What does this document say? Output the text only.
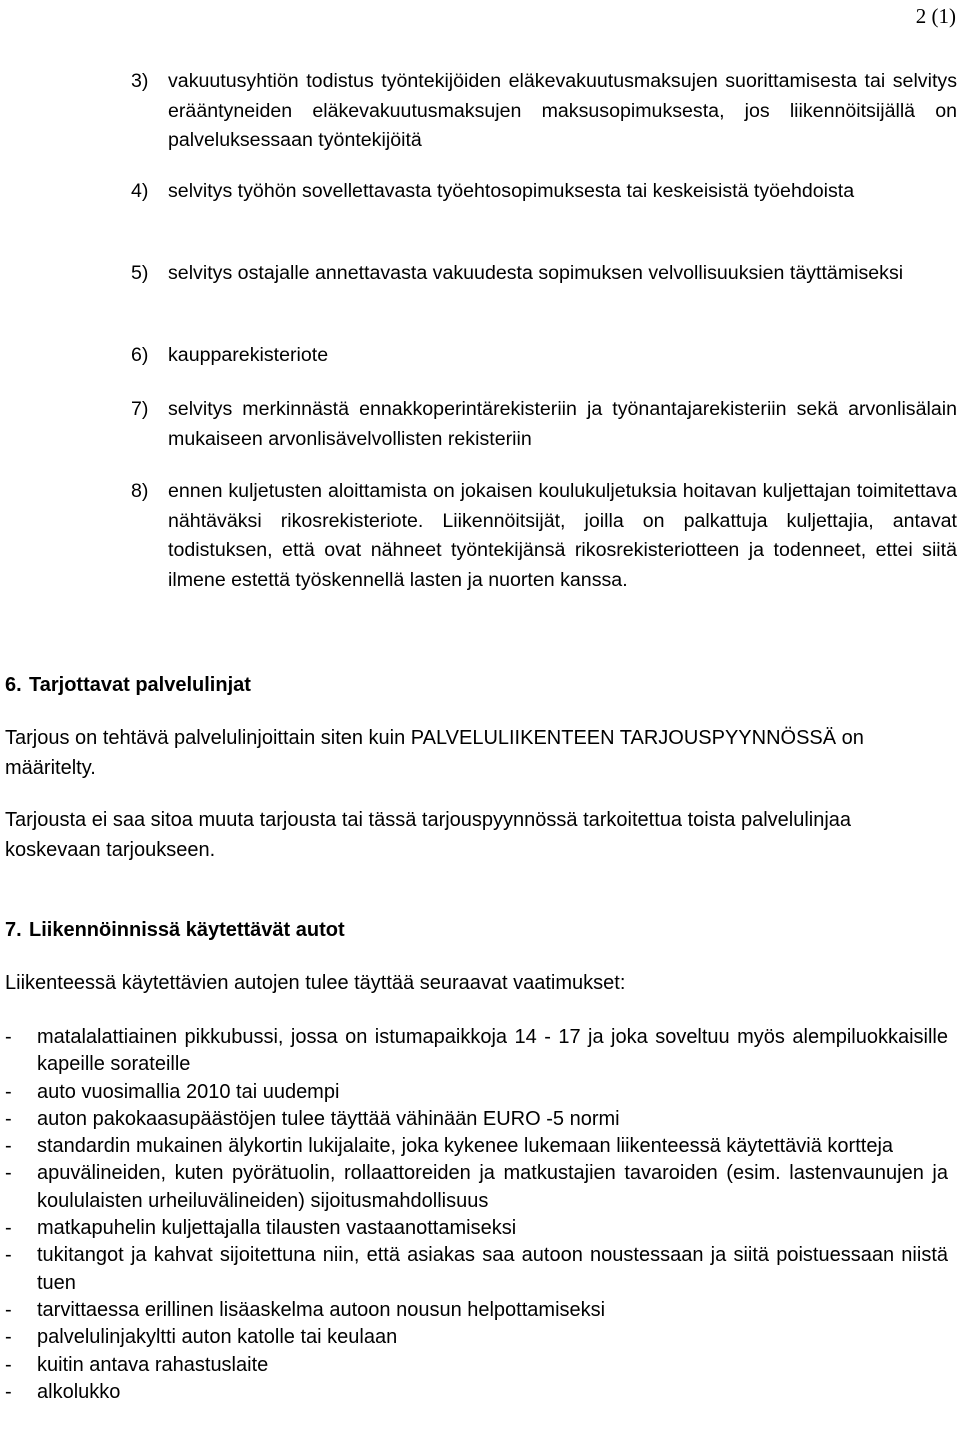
2 (1)
3) vakuutusyhtiön todistus työntekijöiden eläkevakuutusmaksujen suorittamisesta tai selvitys erääntyneiden eläkevakuutusmaksujen maksusopimuksesta, jos liikennöitsijällä on palveluksessaan työntekijöitä
4) selvitys työhön sovellettavasta työehtosopimuksesta tai keskeisistä työehdoista
5) selvitys ostajalle annettavasta vakuudesta sopimuksen velvollisuuksien täyttämiseksi
6) kaupparekisteriote
7) selvitys merkinnästä ennakkoperintärekisteriin ja työnantajarekisteriin sekä arvonlisälain mukaiseen arvonlisävelvollisten rekisteriin
8) ennen kuljetusten aloittamista on jokaisen koulukuljetuksia hoitavan kuljettajan toimitettava nähtäväksi rikosrekisteriote. Liikennöitsijät, joilla on palkattuja kuljettajia, antavat todistuksen, että ovat nähneet työntekijänsä rikosrekisteriotteen ja todenneet, ettei siitä ilmene estettä työskennellä lasten ja nuorten kanssa.
6. Tarjottavat palvelulinjat
Tarjous on tehtävä palvelulinjoittain siten kuin PALVELULIIKENTEEN TARJOUSPYYNNÖSSÄ on määritelty.
Tarjousta ei saa sitoa muuta tarjousta tai tässä tarjouspyynnössä tarkoitettua toista palvelulinjaa koskevaan tarjoukseen.
7. Liikennöinnissä käytettävät autot
Liikenteessä käytettävien autojen tulee täyttää seuraavat vaatimukset:
- matalalattiainen pikkubussi, jossa on istumapaikkoja 14 - 17 ja joka soveltuu myös alempiluokkaisille kapeille sorateille
- auto vuosimallia 2010 tai uudempi
- auton pakokaasupäästöjen tulee täyttää vähinään EURO -5 normi
- standardin mukainen älykortin lukijalaite, joka kykenee lukemaan liikenteessä käytettäviä kortteja
- apuvälineiden, kuten pyörätuolin, rollaattoreiden ja matkustajien tavaroiden (esim. lastenvaunujen ja koululaisten urheiluvälineiden) sijoitusmahdollisuus
- matkapuhelin kuljettajalla tilausten vastaanottamiseksi
- tukitangot ja kahvat sijoitettuna niin, että asiakas saa autoon noustessaan ja siitä poistuessaan niistä tuen
- tarvittaessa erillinen lisäaskelma autoon nousun helpottamiseksi
- palvelulinjakyltti auton katolle tai keulaan
- kuitin antava rahastuslaite
- alkolukko
